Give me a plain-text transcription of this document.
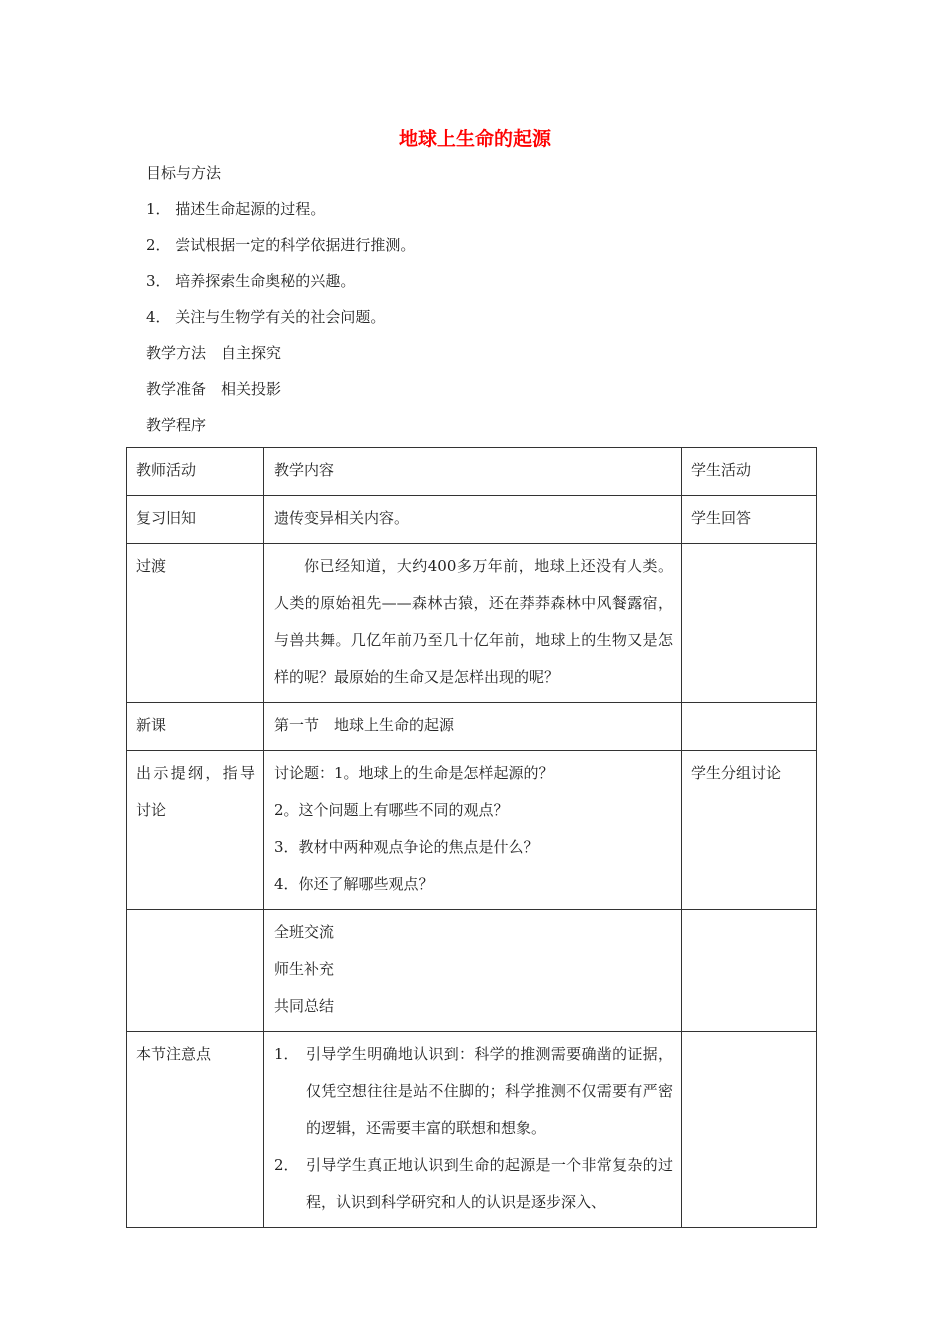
地球上生命的起源
目标与方法
1． 描述生命起源的过程。
2． 尝试根据一定的科学依据进行推测。
3． 培养探索生命奥秘的兴趣。
4． 关注与生物学有关的社会问题。
教学方法　自主探究
教学准备　相关投影
教学程序
教师活动	教学内容	学生活动
复习旧知	遗传变异相关内容。	学生回答
过渡	你已经知道，大约400多万年前，地球上还没有人类。人类的原始祖先——森林古猿，还在莽莽森林中风餐露宿，与兽共舞。几亿年前乃至几十亿年前，地球上的生物又是怎样的呢？最原始的生命又是怎样出现的呢？	
新课	第一节　地球上生命的起源	
出示提纲，指导讨论	讨论题：1。地球上的生命是怎样起源的？
2。这个问题上有哪些不同的观点？
3．教材中两种观点争论的焦点是什么？
4．你还了解哪些观点？	学生分组讨论

	全班交流
师生补充
共同总结	

本节注意点	1． 引导学生明确地认识到：科学的推测需要确凿的证据，仅凭空想往往是站不住脚的；科学推测不仅需要有严密的逻辑，还需要丰富的联想和想象。
2． 引导学生真正地认识到生命的起源是一个非常复杂的过程，认识到科学研究和人的认识是逐步深入、	
